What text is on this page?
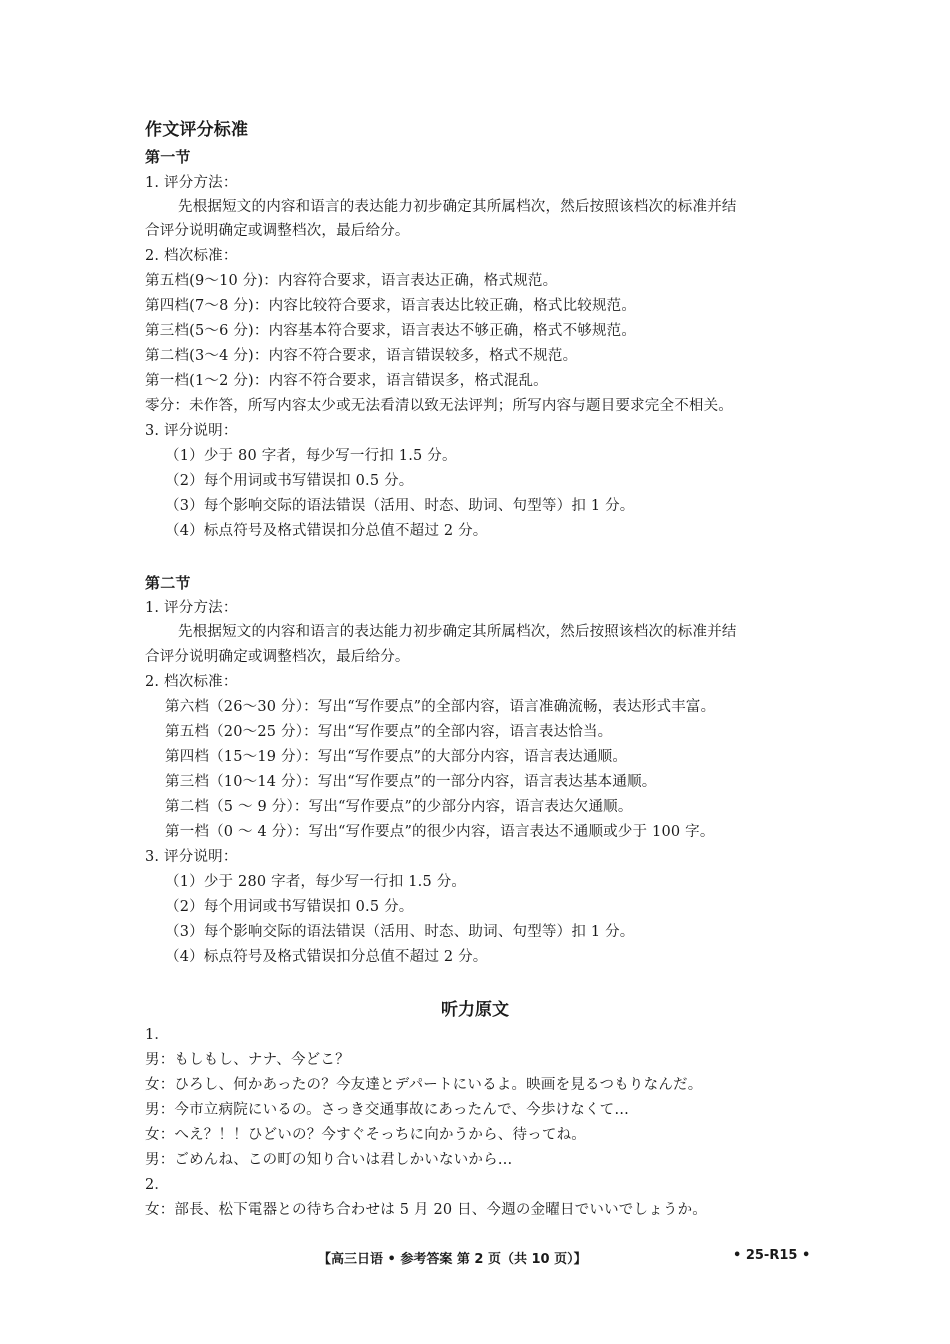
作文评分标准
第一节
1. 评分方法：
先根据短文的内容和语言的表达能力初步确定其所属档次，然后按照该档次的标准并结
合评分说明确定或调整档次，最后给分。
2. 档次标准：
第五档(9～10 分)：内容符合要求，语言表达正确，格式规范。
第四档(7～8 分)：内容比较符合要求，语言表达比较正确，格式比较规范。
第三档(5～6 分)：内容基本符合要求，语言表达不够正确，格式不够规范。
第二档(3～4 分)：内容不符合要求，语言错误较多，格式不规范。
第一档(1～2 分)：内容不符合要求，语言错误多，格式混乱。
零分：未作答，所写内容太少或无法看清以致无法评判；所写内容与题目要求完全不相关。
3. 评分说明：
（1）少于 80 字者，每少写一行扣 1.5 分。
（2）每个用词或书写错误扣 0.5 分。
（3）每个影响交际的语法错误（活用、时态、助词、句型等）扣 1 分。
（4）标点符号及格式错误扣分总值不超过 2 分。
第二节
1. 评分方法：
先根据短文的内容和语言的表达能力初步确定其所属档次，然后按照该档次的标准并结
合评分说明确定或调整档次，最后给分。
2. 档次标准：
第六档（26～30 分）：写出“写作要点”的全部内容，语言准确流畅，表达形式丰富。
第五档（20～25 分）：写出“写作要点”的全部内容，语言表达恰当。
第四档（15～19 分）：写出“写作要点”的大部分内容，语言表达通顺。
第三档（10～14 分）：写出“写作要点”的一部分内容，语言表达基本通顺。
第二档（5 ～ 9 分）：写出“写作要点”的少部分内容，语言表达欠通顺。
第一档（0 ～ 4 分）：写出“写作要点”的很少内容，语言表达不通顺或少于 100 字。
3. 评分说明：
（1）少于 280 字者，每少写一行扣 1.5 分。
（2）每个用词或书写错误扣 0.5 分。
（3）每个影响交际的语法错误（活用、时态、助词、句型等）扣 1 分。
（4）标点符号及格式错误扣分总值不超过 2 分。
听力原文
1．
男：もしもし、ナナ、今どこ？
女：ひろし、何かあったの？今友達とデパートにいるよ。映画を見るつもりなんだ。
男：今市立病院にいるの。さっき交通事故にあったんで、今歩けなくて…
女：へえ？！！ひどいの？今すぐそっちに向かうから、待ってね。
男：ごめんね、この町の知り合いは君しかいないから…
2．
女：部長、松下電器との待ち合わせは 5 月 20 日、今週の金曜日でいいでしょうか。
【高三日语 • 参考答案 第 2 页（共 10 页）】	• 25-R15 •
